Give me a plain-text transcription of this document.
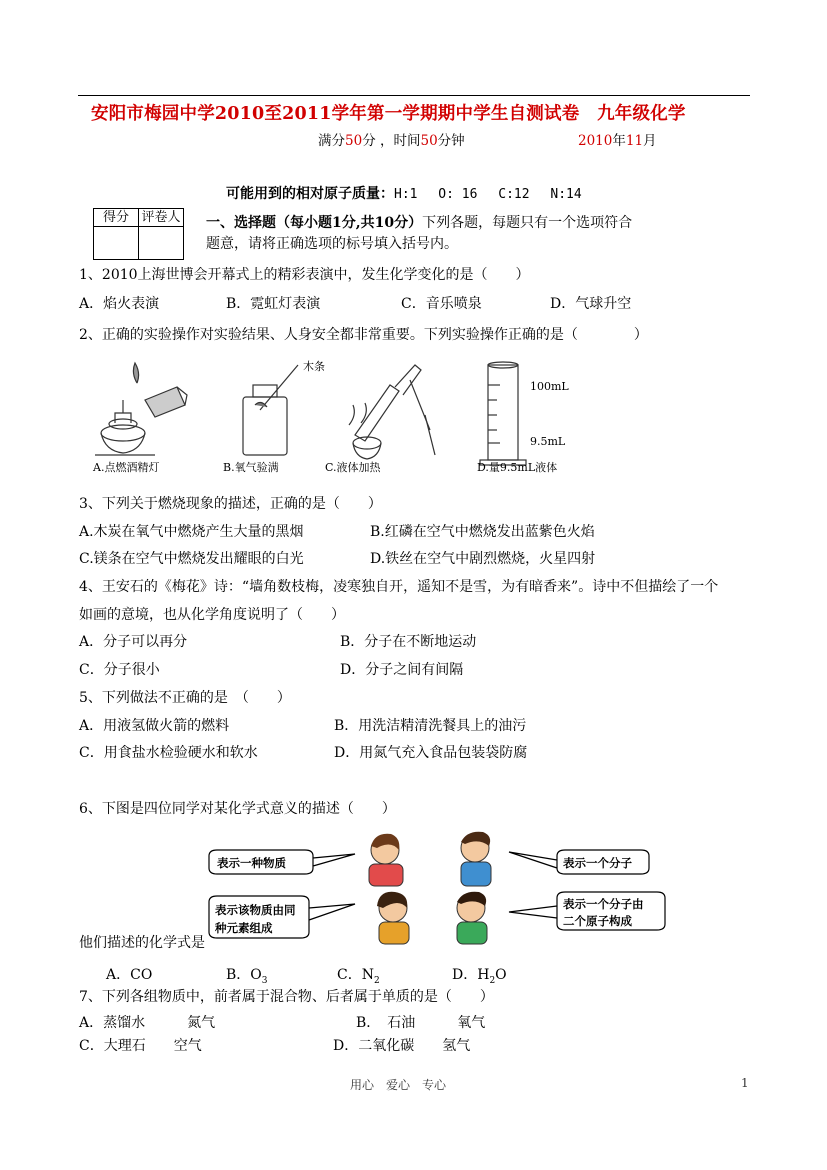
安阳市梅园中学2010至2011学年第一学期期中学生自测试卷　九年级化学
满分50分 ，时间50分钟	2010年11月
可能用到的相对原子质量：H:1　 O: 16　 C:12　 N:14
得分	评卷人
	一、选择题（每小题1分,共10分）下列各题，每题只有一个选项符合
题意，请将正确选项的标号填入括号内。
1、2010上海世博会开幕式上的精彩表演中，发生化学变化的是（　　）
A．焰火表演	B．霓虹灯表演	C．音乐喷泉	D．气球升空
2、正确的实验操作对实验结果、人身安全都非常重要。下列实验操作正确的是（　　　　）
木条
100mL
9.5mL
A.点燃酒精灯	B.氧气验满	C.液体加热	D.量9.5mL液体
3、下列关于燃烧现象的描述，正确的是（　　）
A.木炭在氧气中燃烧产生大量的黑烟	B.红磷在空气中燃烧发出蓝紫色火焰
C.镁条在空气中燃烧发出耀眼的白光	D.铁丝在空气中剧烈燃烧，火星四射
4、王安石的《梅花》诗：“墙角数枝梅，凌寒独自开，遥知不是雪，为有暗香来”。诗中不但描绘了一个
如画的意境，也从化学角度说明了（　　）
A．分子可以再分	B．分子在不断地运动
C．分子很小	D．分子之间有间隔
5、下列做法不正确的是　（　　）
A．用液氢做火箭的燃料	B．用洗洁精清洗餐具上的油污
C．用食盐水检验硬水和软水	D．用氮气充入食品包装袋防腐
6、下图是四位同学对某化学式意义的描述（　　）
表示一种物质	表示一个分子
表示该物质由同
种元素组成
表示一个分子由
二个原子构成
他们描述的化学式是
A．CO	B．$O_3$	C．$N_2$	D．$H_2O$
7、下列各组物质中，前者属于混合物、后者属于单质的是（　　）
A．蒸馏水　　　氮气	B．　石油　　　氧气
C．大理石　　空气	D．二氧化碳　　氢气
用心　爱心　专心	1
